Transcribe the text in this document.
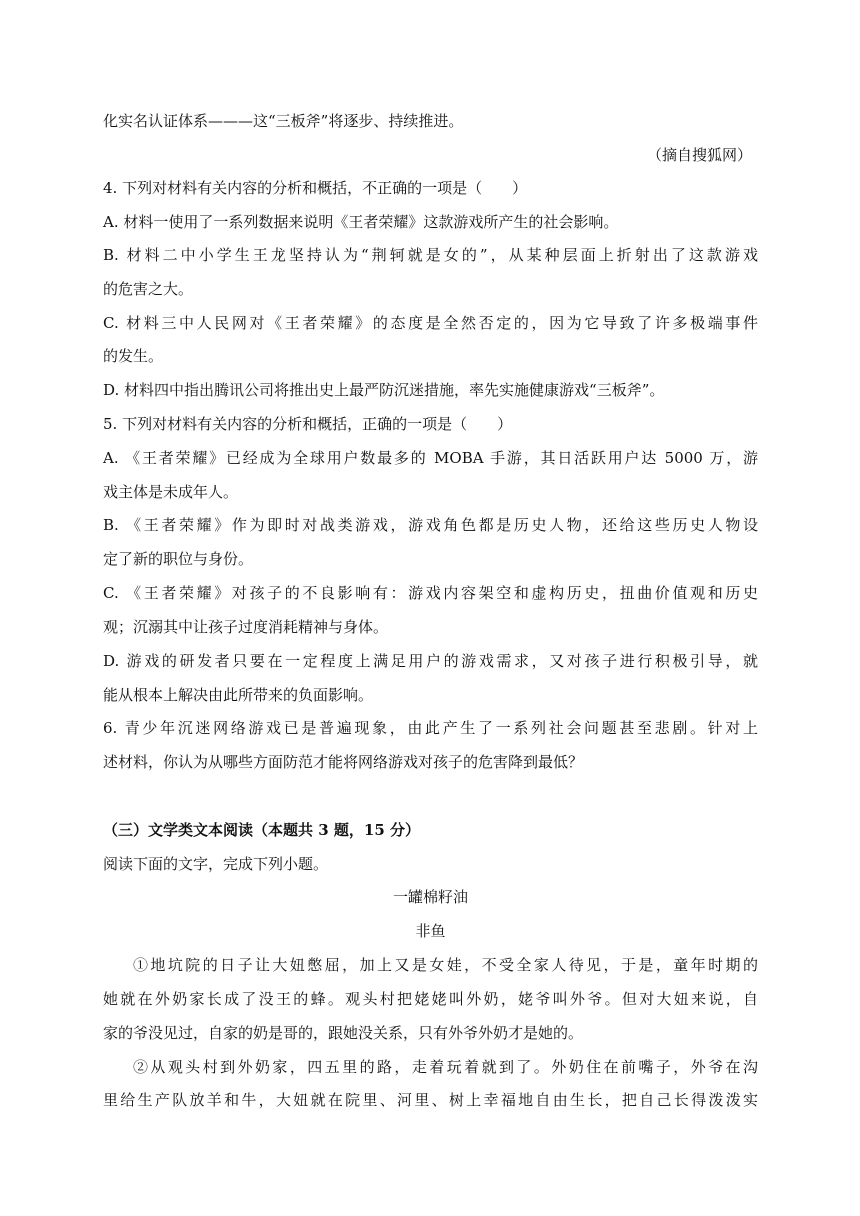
化实名认证体系———这“三板斧”将逐步、持续推进。
（摘自搜狐网）
4. 下列对材料有关内容的分析和概括，不正确的一项是（　　）
A. 材料一使用了一系列数据来说明《王者荣耀》这款游戏所产生的社会影响。
B. 材料二中小学生王龙坚持认为“荆轲就是女的”，从某种层面上折射出了这款游戏
的危害之大。
C. 材料三中人民网对《王者荣耀》的态度是全然否定的，因为它导致了许多极端事件
的发生。
D. 材料四中指出腾讯公司将推出史上最严防沉迷措施，率先实施健康游戏“三板斧”。
5. 下列对材料有关内容的分析和概括，正确的一项是（　　）
A. 《王者荣耀》已经成为全球用户数最多的 MOBA 手游，其日活跃用户达 5000 万，游
戏主体是未成年人。
B. 《王者荣耀》作为即时对战类游戏，游戏角色都是历史人物，还给这些历史人物设
定了新的职位与身份。
C. 《王者荣耀》对孩子的不良影响有：游戏内容架空和虚构历史，扭曲价值观和历史
观；沉溺其中让孩子过度消耗精神与身体。
D. 游戏的研发者只要在一定程度上满足用户的游戏需求，又对孩子进行积极引导，就
能从根本上解决由此所带来的负面影响。
6. 青少年沉迷网络游戏已是普遍现象，由此产生了一系列社会问题甚至悲剧。针对上
述材料，你认为从哪些方面防范才能将网络游戏对孩子的危害降到最低？
（三）文学类文本阅读（本题共 3 题，15 分）
阅读下面的文字，完成下列小题。
一罐棉籽油
非鱼
①地坑院的日子让大妞憋屈，加上又是女娃，不受全家人待见，于是，童年时期的
她就在外奶家长成了没王的蜂。观头村把姥姥叫外奶，姥爷叫外爷。但对大妞来说，自
家的爷没见过，自家的奶是哥的，跟她没关系，只有外爷外奶才是她的。
②从观头村到外奶家，四五里的路，走着玩着就到了。外奶住在前嘴子，外爷在沟
里给生产队放羊和牛，大妞就在院里、河里、树上幸福地自由生长，把自己长得泼泼实
